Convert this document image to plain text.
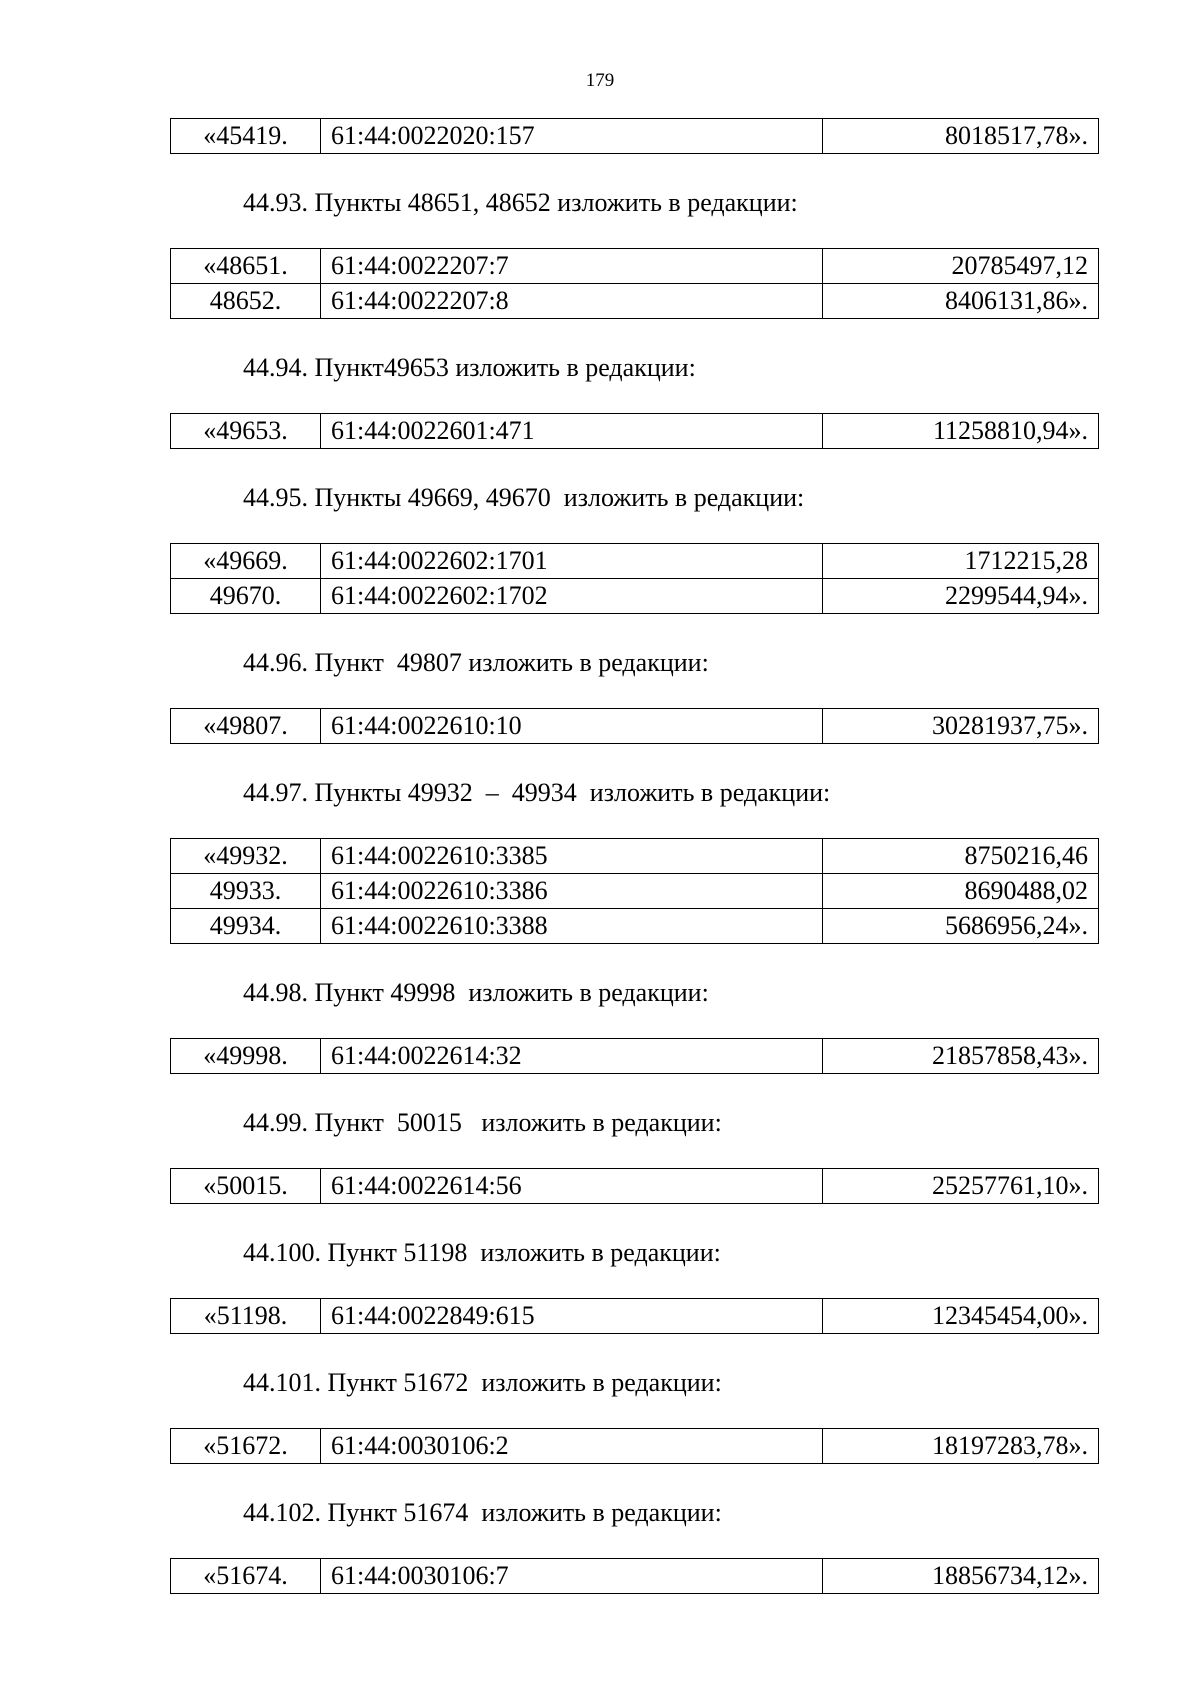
179
«45419.	61:44:0022020:157	8018517,78».

44.93. Пункты 48651, 48652 изложить в редакции:

«48651.	61:44:0022207:7	20785497,12
48652.	61:44:0022207:8	8406131,86».

44.94. Пункт49653 изложить в редакции:

«49653.	61:44:0022601:471	11258810,94».

44.95. Пункты 49669, 49670  изложить в редакции:

«49669.	61:44:0022602:1701	1712215,28
49670.	61:44:0022602:1702	2299544,94».

44.96. Пункт  49807 изложить в редакции:

«49807.	61:44:0022610:10	30281937,75».

44.97. Пункты 49932  –  49934  изложить в редакции:

«49932.	61:44:0022610:3385	8750216,46
49933.	61:44:0022610:3386	8690488,02
49934.	61:44:0022610:3388	5686956,24».

44.98. Пункт 49998  изложить в редакции:

«49998.	61:44:0022614:32	21857858,43».

44.99. Пункт  50015   изложить в редакции:

«50015.	61:44:0022614:56	25257761,10».

44.100. Пункт 51198  изложить в редакции:

«51198.	61:44:0022849:615	12345454,00».

44.101. Пункт 51672  изложить в редакции:

«51672.	61:44:0030106:2	18197283,78».

44.102. Пункт 51674  изложить в редакции:

«51674.	61:44:0030106:7	18856734,12».
